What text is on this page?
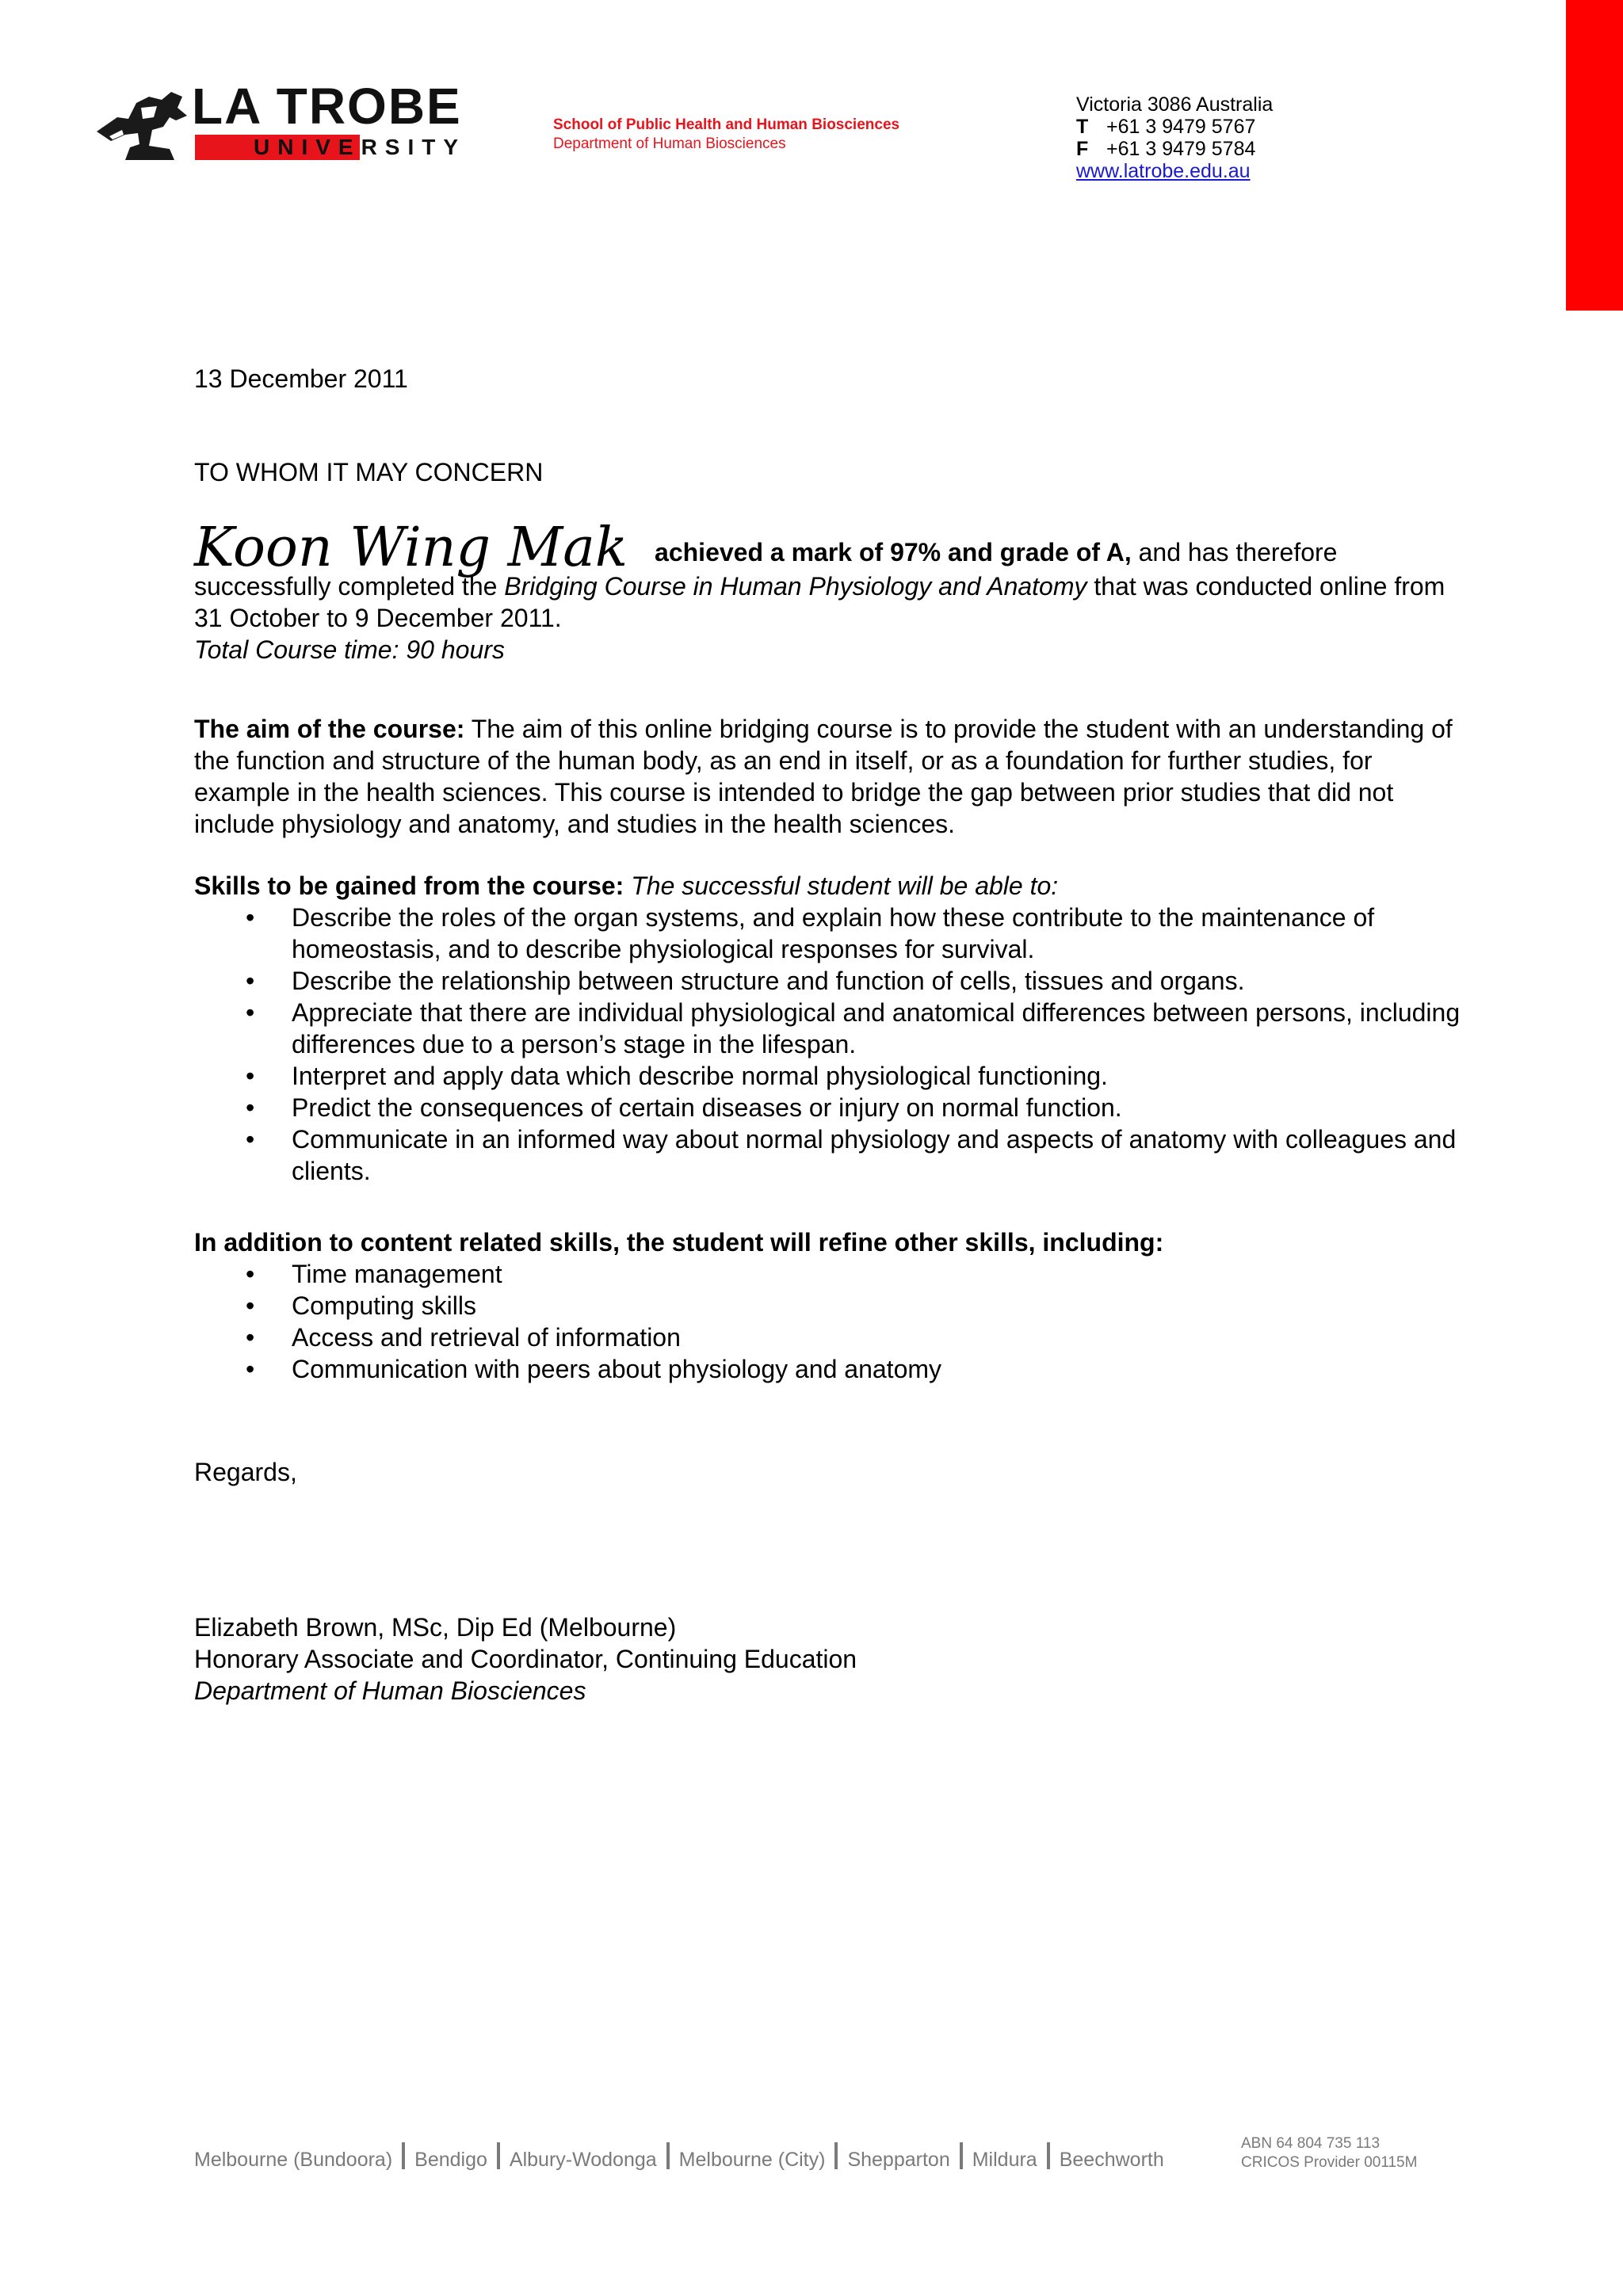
LA TROBE
UNIVERSITY
School of Public Health and Human Biosciences
Department of Human Biosciences
Victoria 3086 Australia
T +61 3 9479 5767
F +61 3 9479 5784
www.latrobe.edu.au
13 December 2011
TO WHOM IT MAY CONCERN

Koon Wing Mak achieved a mark of 97% and grade of A, and has therefore successfully completed the Bridging Course in Human Physiology and Anatomy that was conducted online from 31 October to 9 December 2011.

Total Course time: 90 hours

The aim of the course: The aim of this online bridging course is to provide the student with an understanding of the function and structure of the human body, as an end in itself, or as a foundation for further studies, for example in the health sciences. This course is intended to bridge the gap between prior studies that did not include physiology and anatomy, and studies in the health sciences.

Skills to be gained from the course: The successful student will be able to:

• Describe the roles of the organ systems, and explain how these contribute to the maintenance of homeostasis, and to describe physiological responses for survival.
• Describe the relationship between structure and function of cells, tissues and organs.
• Appreciate that there are individual physiological and anatomical differences between persons, including differences due to a person’s stage in the lifespan.
• Interpret and apply data which describe normal physiological functioning.
• Predict the consequences of certain diseases or injury on normal function.
• Communicate in an informed way about normal physiology and aspects of anatomy with colleagues and clients.

In addition to content related skills, the student will refine other skills, including:

• Time management
• Computing skills
• Access and retrieval of information
• Communication with peers about physiology and anatomy
Regards,
Elizabeth Brown, MSc, Dip Ed (Melbourne)
Honorary Associate and Coordinator, Continuing Education
Department of Human Biosciences
Melbourne (Bundoora) Bendigo Albury-Wodonga Melbourne (City) Shepparton Mildura Beechworth
ABN 64 804 735 113
CRICOS Provider 00115M
